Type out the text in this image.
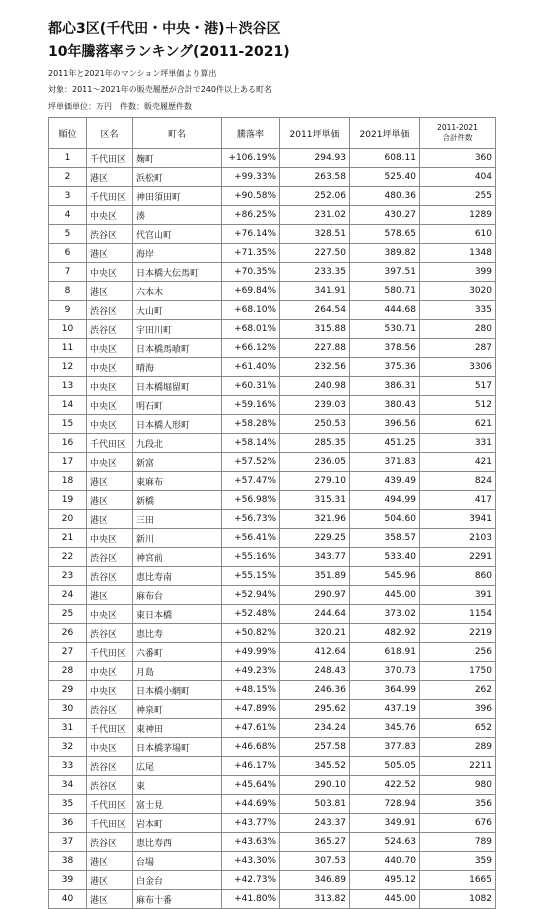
都心3区(千代田・中央・港)＋渋谷区
10年騰落率ランキング(2011-2021)
2011年と2021年のマンション坪単価より算出
対象：2011～2021年の販売履歴が合計で240件以上ある町名
坪単価単位：万円　件数：販売履歴件数
順位	区名	町名	騰落率	2011坪単価	2021坪単価	2011-2021
合計件数

1	千代田区	麹町	+106.19%	294.93	608.11	360
2	港区	浜松町	+99.33%	263.58	525.40	404
3	千代田区	神田須田町	+90.58%	252.06	480.36	255
4	中央区	湊	+86.25%	231.02	430.27	1289
5	渋谷区	代官山町	+76.14%	328.51	578.65	610
6	港区	海岸	+71.35%	227.50	389.82	1348
7	中央区	日本橋大伝馬町	+70.35%	233.35	397.51	399
8	港区	六本木	+69.84%	341.91	580.71	3020
9	渋谷区	大山町	+68.10%	264.54	444.68	335
10	渋谷区	宇田川町	+68.01%	315.88	530.71	280
11	中央区	日本橋馬喰町	+66.12%	227.88	378.56	287
12	中央区	晴海	+61.40%	232.56	375.36	3306
13	中央区	日本橋堀留町	+60.31%	240.98	386.31	517
14	中央区	明石町	+59.16%	239.03	380.43	512
15	中央区	日本橋人形町	+58.28%	250.53	396.56	621
16	千代田区	九段北	+58.14%	285.35	451.25	331
17	中央区	新富	+57.52%	236.05	371.83	421
18	港区	東麻布	+57.47%	279.10	439.49	824
19	港区	新橋	+56.98%	315.31	494.99	417
20	港区	三田	+56.73%	321.96	504.60	3941
21	中央区	新川	+56.41%	229.25	358.57	2103
22	渋谷区	神宮前	+55.16%	343.77	533.40	2291
23	渋谷区	恵比寿南	+55.15%	351.89	545.96	860
24	港区	麻布台	+52.94%	290.97	445.00	391
25	中央区	東日本橋	+52.48%	244.64	373.02	1154
26	渋谷区	恵比寿	+50.82%	320.21	482.92	2219
27	千代田区	六番町	+49.99%	412.64	618.91	256
28	中央区	月島	+49.23%	248.43	370.73	1750
29	中央区	日本橋小網町	+48.15%	246.36	364.99	262
30	渋谷区	神泉町	+47.89%	295.62	437.19	396
31	千代田区	東神田	+47.61%	234.24	345.76	652
32	中央区	日本橋茅場町	+46.68%	257.58	377.83	289
33	渋谷区	広尾	+46.17%	345.52	505.05	2211
34	渋谷区	東	+45.64%	290.10	422.52	980
35	千代田区	富士見	+44.69%	503.81	728.94	356
36	千代田区	岩本町	+43.77%	243.37	349.91	676
37	渋谷区	恵比寿西	+43.63%	365.27	524.63	789
38	港区	台場	+43.30%	307.53	440.70	359
39	港区	白金台	+42.73%	346.89	495.12	1665
40	港区	麻布十番	+41.80%	313.82	445.00	1082
